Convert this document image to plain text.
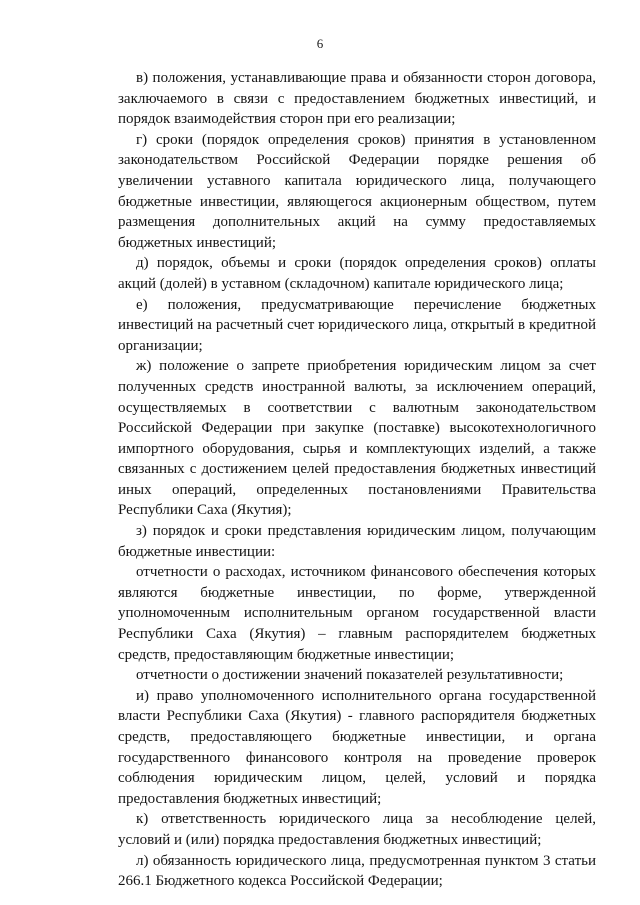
6

в) положения, устанавливающие права и обязанности сторон договора, заключаемого в связи с предоставлением бюджетных инвестиций, и порядок взаимодействия сторон при его реализации;

г) сроки (порядок определения сроков) принятия в установленном законодательством Российской Федерации порядке решения об увеличении уставного капитала юридического лица, получающего бюджетные инвестиции, являющегося акционерным обществом, путем размещения дополнительных акций на сумму предоставляемых бюджетных инвестиций;

д) порядок, объемы и сроки (порядок определения сроков) оплаты акций (долей) в уставном (складочном) капитале юридического лица;

е) положения, предусматривающие перечисление бюджетных инвестиций на расчетный счет юридического лица, открытый в кредитной организации;

ж) положение о запрете приобретения юридическим лицом за счет полученных средств иностранной валюты, за исключением операций, осуществляемых в соответствии с валютным законодательством Российской Федерации при закупке (поставке) высокотехнологичного импортного оборудования, сырья и комплектующих изделий, а также связанных с достижением целей предоставления бюджетных инвестиций иных операций, определенных постановлениями Правительства Республики Саха (Якутия);

з) порядок и сроки представления юридическим лицом, получающим бюджетные инвестиции:

отчетности о расходах, источником финансового обеспечения которых являются бюджетные инвестиции, по форме, утвержденной уполномоченным исполнительным органом государственной власти Республики Саха (Якутия) – главным распорядителем бюджетных средств, предоставляющим бюджетные инвестиции;

отчетности о достижении значений показателей результативности;

и) право уполномоченного исполнительного органа государственной власти Республики Саха (Якутия) - главного распорядителя бюджетных средств, предоставляющего бюджетные инвестиции, и органа государственного финансового контроля на проведение проверок соблюдения юридическим лицом, целей, условий и порядка предоставления бюджетных инвестиций;

к) ответственность юридического лица за несоблюдение целей, условий и (или) порядка предоставления бюджетных инвестиций;

л) обязанность юридического лица, предусмотренная пунктом 3 статьи 266.1 Бюджетного кодекса Российской Федерации;
